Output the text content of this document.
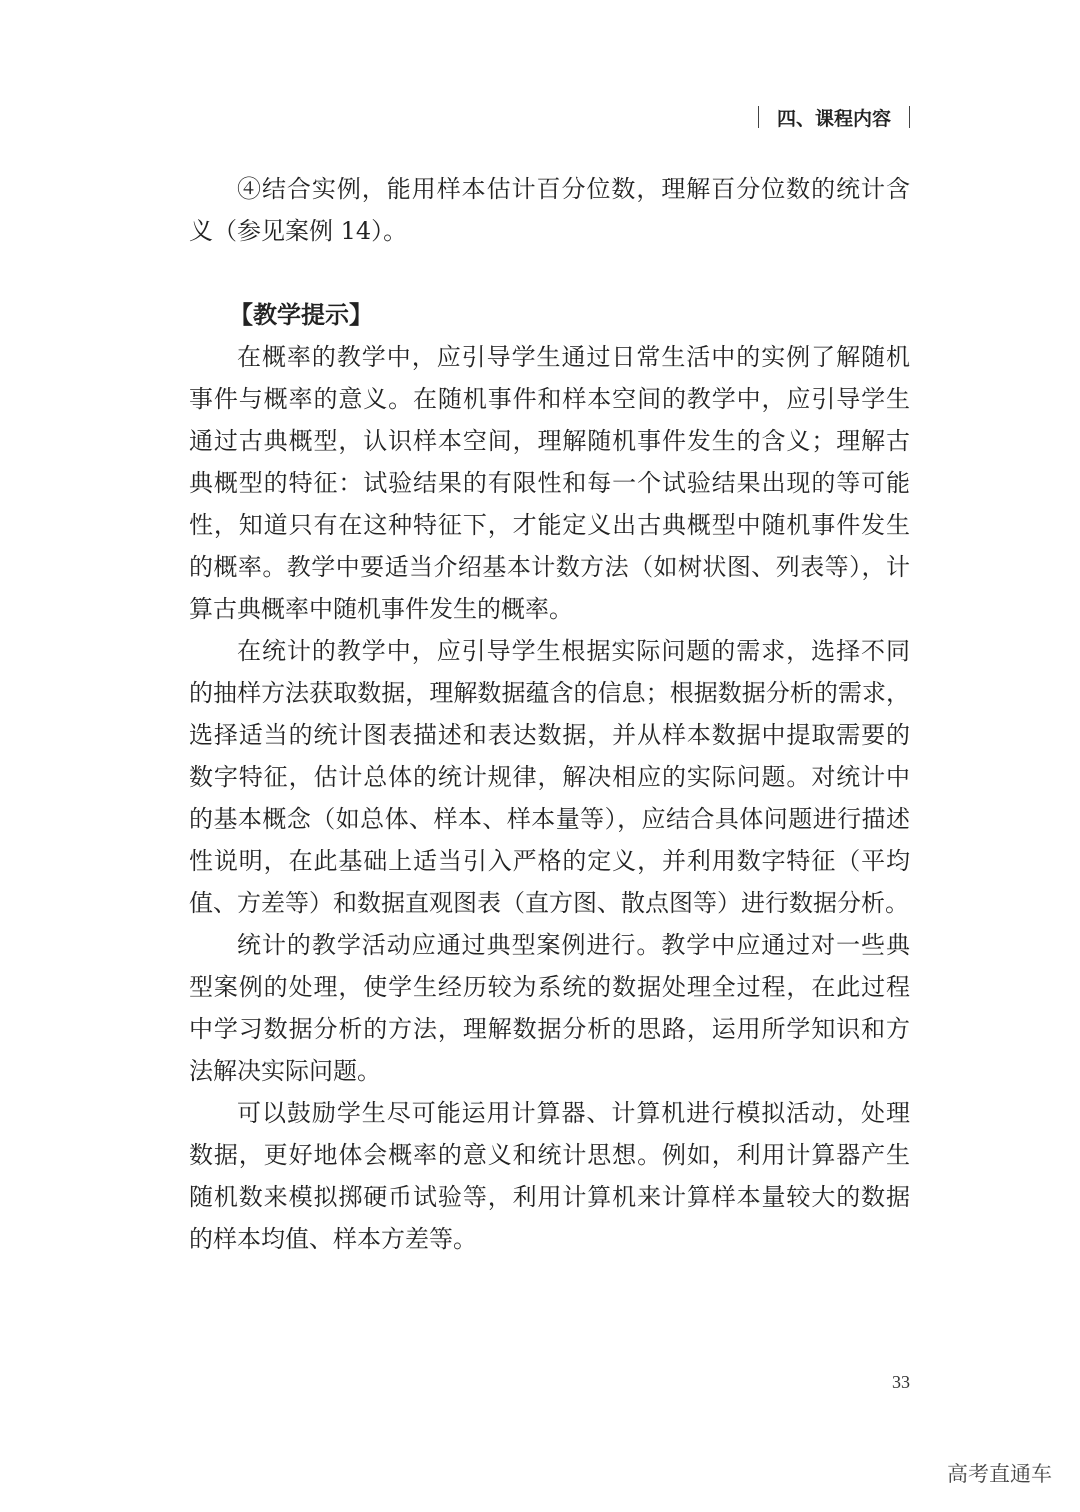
四、课程内容
④结合实例，能用样本估计百分位数，理解百分位数的统计含
义（参见案例 14）。
【教学提示】
在概率的教学中，应引导学生通过日常生活中的实例了解随机
事件与概率的意义。在随机事件和样本空间的教学中，应引导学生
通过古典概型，认识样本空间，理解随机事件发生的含义；理解古
典概型的特征：试验结果的有限性和每一个试验结果出现的等可能
性，知道只有在这种特征下，才能定义出古典概型中随机事件发生
的概率。教学中要适当介绍基本计数方法（如树状图、列表等），计
算古典概率中随机事件发生的概率。
在统计的教学中，应引导学生根据实际问题的需求，选择不同
的抽样方法获取数据，理解数据蕴含的信息；根据数据分析的需求，
选择适当的统计图表描述和表达数据，并从样本数据中提取需要的
数字特征，估计总体的统计规律，解决相应的实际问题。对统计中
的基本概念（如总体、样本、样本量等），应结合具体问题进行描述
性说明，在此基础上适当引入严格的定义，并利用数字特征（平均
值、方差等）和数据直观图表（直方图、散点图等）进行数据分析。
统计的教学活动应通过典型案例进行。教学中应通过对一些典
型案例的处理，使学生经历较为系统的数据处理全过程，在此过程
中学习数据分析的方法，理解数据分析的思路，运用所学知识和方
法解决实际问题。
可以鼓励学生尽可能运用计算器、计算机进行模拟活动，处理
数据，更好地体会概率的意义和统计思想。例如，利用计算器产生
随机数来模拟掷硬币试验等，利用计算机来计算样本量较大的数据
的样本均值、样本方差等。
33
高考直通车
